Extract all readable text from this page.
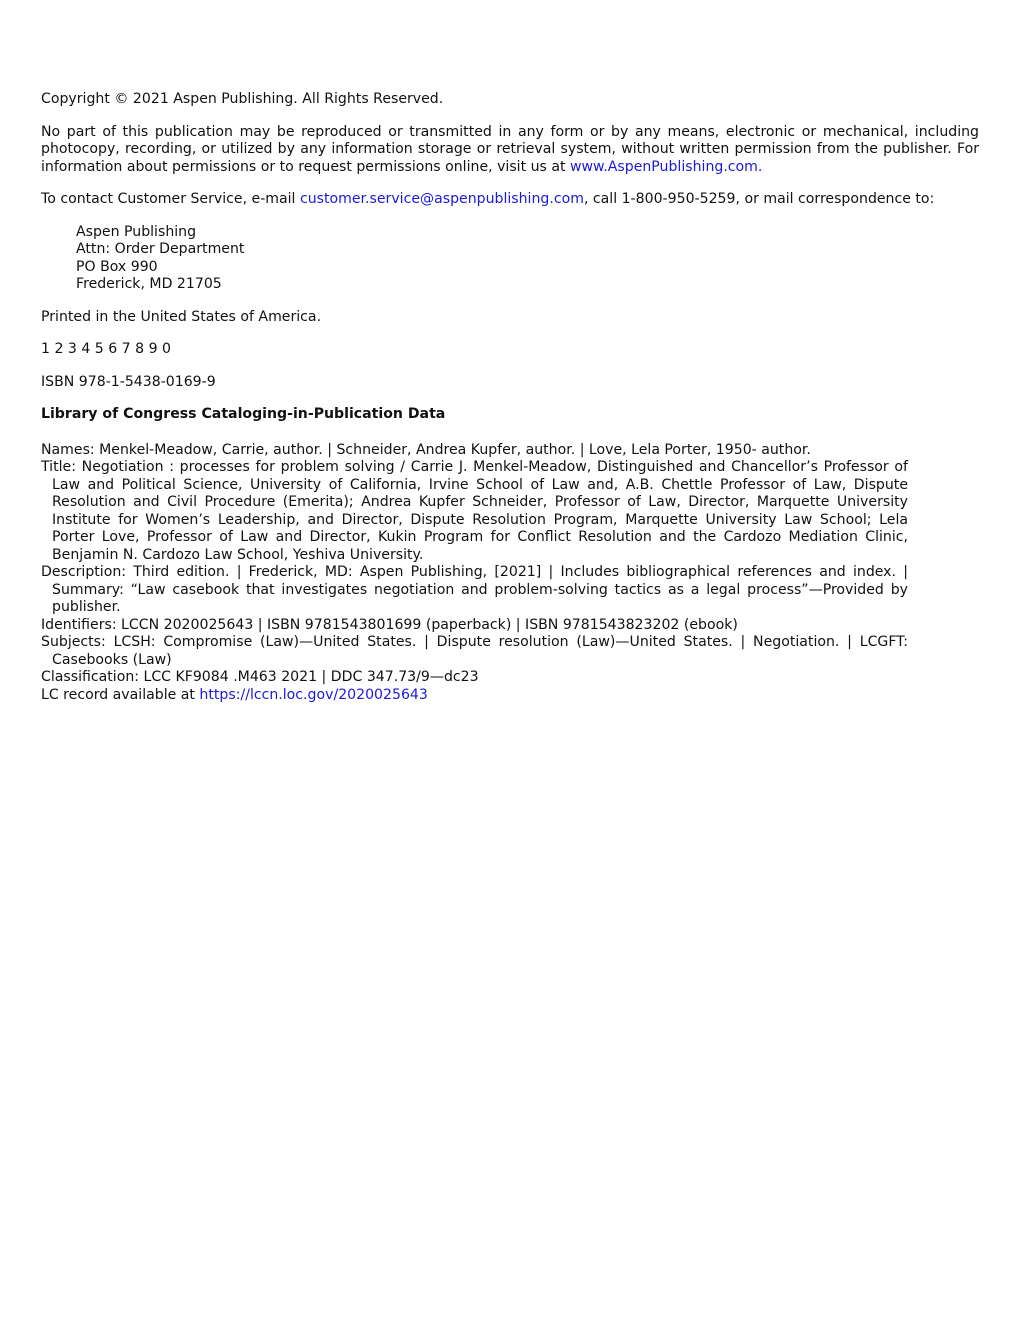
Copyright © 2021 Aspen Publishing. All Rights Reserved.

No part of this publication may be reproduced or transmitted in any form or by any means, electronic or mechanical, including photocopy, recording, or utilized by any information storage or retrieval system, without written permission from the publisher. For information about permissions or to request permissions online, visit us at www.AspenPublishing.com.

To contact Customer Service, e-mail customer.service@aspenpublishing.com, call 1-800-950-5259, or mail correspondence to:

Aspen Publishing
Attn: Order Department
PO Box 990
Frederick, MD 21705

Printed in the United States of America.

1 2 3 4 5 6 7 8 9 0

ISBN 978-1-5438-0169-9

Library of Congress Cataloging-in-Publication Data

Names: Menkel-Meadow, Carrie, author. | Schneider, Andrea Kupfer, author. | Love, Lela Porter, 1950- author.

Title: Negotiation : processes for problem solving / Carrie J. Menkel-Meadow, Distinguished and Chancellor’s Professor of Law and Political Science, University of California, Irvine School of Law and, A.B. Chettle Professor of Law, Dispute Resolution and Civil Procedure (Emerita); Andrea Kupfer Schneider, Professor of Law, Director, Marquette University Institute for Women’s Leadership, and Director, Dispute Resolution Program, Marquette University Law School; Lela Porter Love, Professor of Law and Director, Kukin Program for Conflict Resolution and the Cardozo Mediation Clinic, Benjamin N. Cardozo Law School, Yeshiva University.

Description: Third edition. | Frederick, MD: Aspen Publishing, [2021] | Includes bibliographical references and index. | Summary: “Law casebook that investigates negotiation and problem-solving tactics as a legal process”—Provided by publisher.

Identifiers: LCCN 2020025643 | ISBN 9781543801699 (paperback) | ISBN 9781543823202 (ebook)

Subjects: LCSH: Compromise (Law)—United States. | Dispute resolution (Law)—United States. | Negotiation. | LCGFT: Casebooks (Law)

Classification: LCC KF9084 .M463 2021 | DDC 347.73/9—dc23

LC record available at https://lccn.loc.gov/2020025643
